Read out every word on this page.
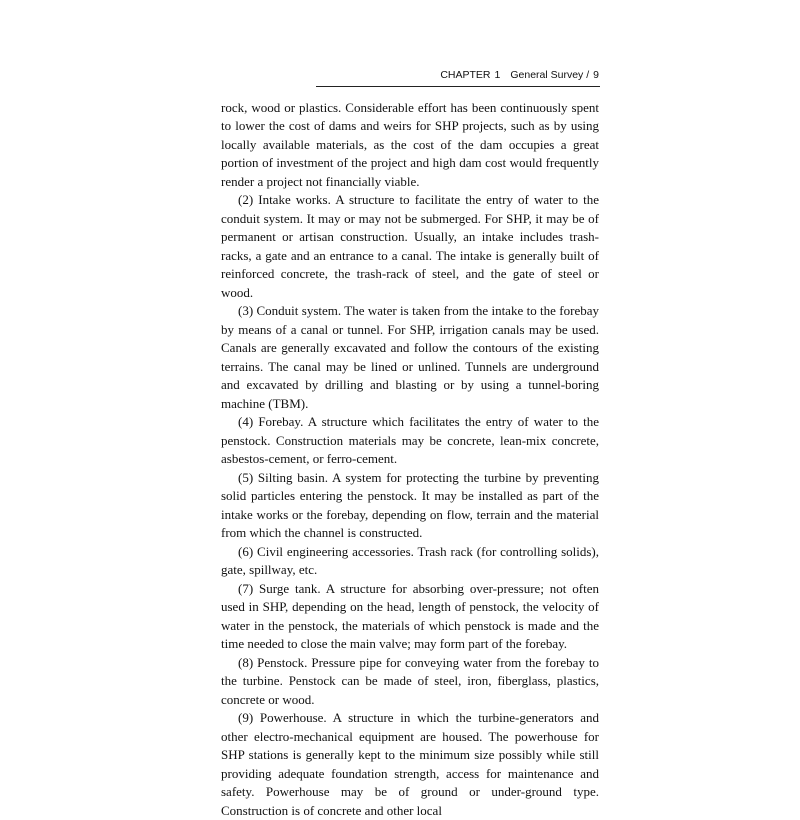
CHAPTER 1 General Survey / 9

rock, wood or plastics. Considerable effort has been continuously spent to lower the cost of dams and weirs for SHP projects, such as by using locally available materials, as the cost of the dam occupies a great portion of investment of the project and high dam cost would frequently render a project not financially viable.

(2) Intake works. A structure to facilitate the entry of water to the conduit system. It may or may not be submerged. For SHP, it may be of permanent or artisan construction. Usually, an intake includes trash-racks, a gate and an entrance to a canal. The intake is generally built of reinforced concrete, the trash-rack of steel, and the gate of steel or wood.

(3) Conduit system. The water is taken from the intake to the forebay by means of a canal or tunnel. For SHP, irrigation canals may be used. Canals are generally excavated and follow the contours of the existing terrains. The canal may be lined or unlined. Tunnels are underground and excavated by drilling and blasting or by using a tunnel-boring machine (TBM).

(4) Forebay. A structure which facilitates the entry of water to the penstock. Construction materials may be concrete, lean-mix concrete, asbestos-cement, or ferro-cement.

(5) Silting basin. A system for protecting the turbine by preventing solid particles entering the penstock. It may be installed as part of the intake works or the forebay, depending on flow, terrain and the material from which the channel is constructed.

(6) Civil engineering accessories. Trash rack (for controlling solids), gate, spillway, etc.

(7) Surge tank. A structure for absorbing over-pressure; not often used in SHP, depending on the head, length of penstock, the velocity of water in the penstock, the materials of which penstock is made and the time needed to close the main valve; may form part of the forebay.

(8) Penstock. Pressure pipe for conveying water from the forebay to the turbine. Penstock can be made of steel, iron, fiberglass, plastics, concrete or wood.

(9) Powerhouse. A structure in which the turbine-generators and other electro-mechanical equipment are housed. The powerhouse for SHP stations is generally kept to the minimum size possibly while still providing adequate foundation strength, access for maintenance and safety. Powerhouse may be of ground or under-ground type. Construction is of concrete and other local
